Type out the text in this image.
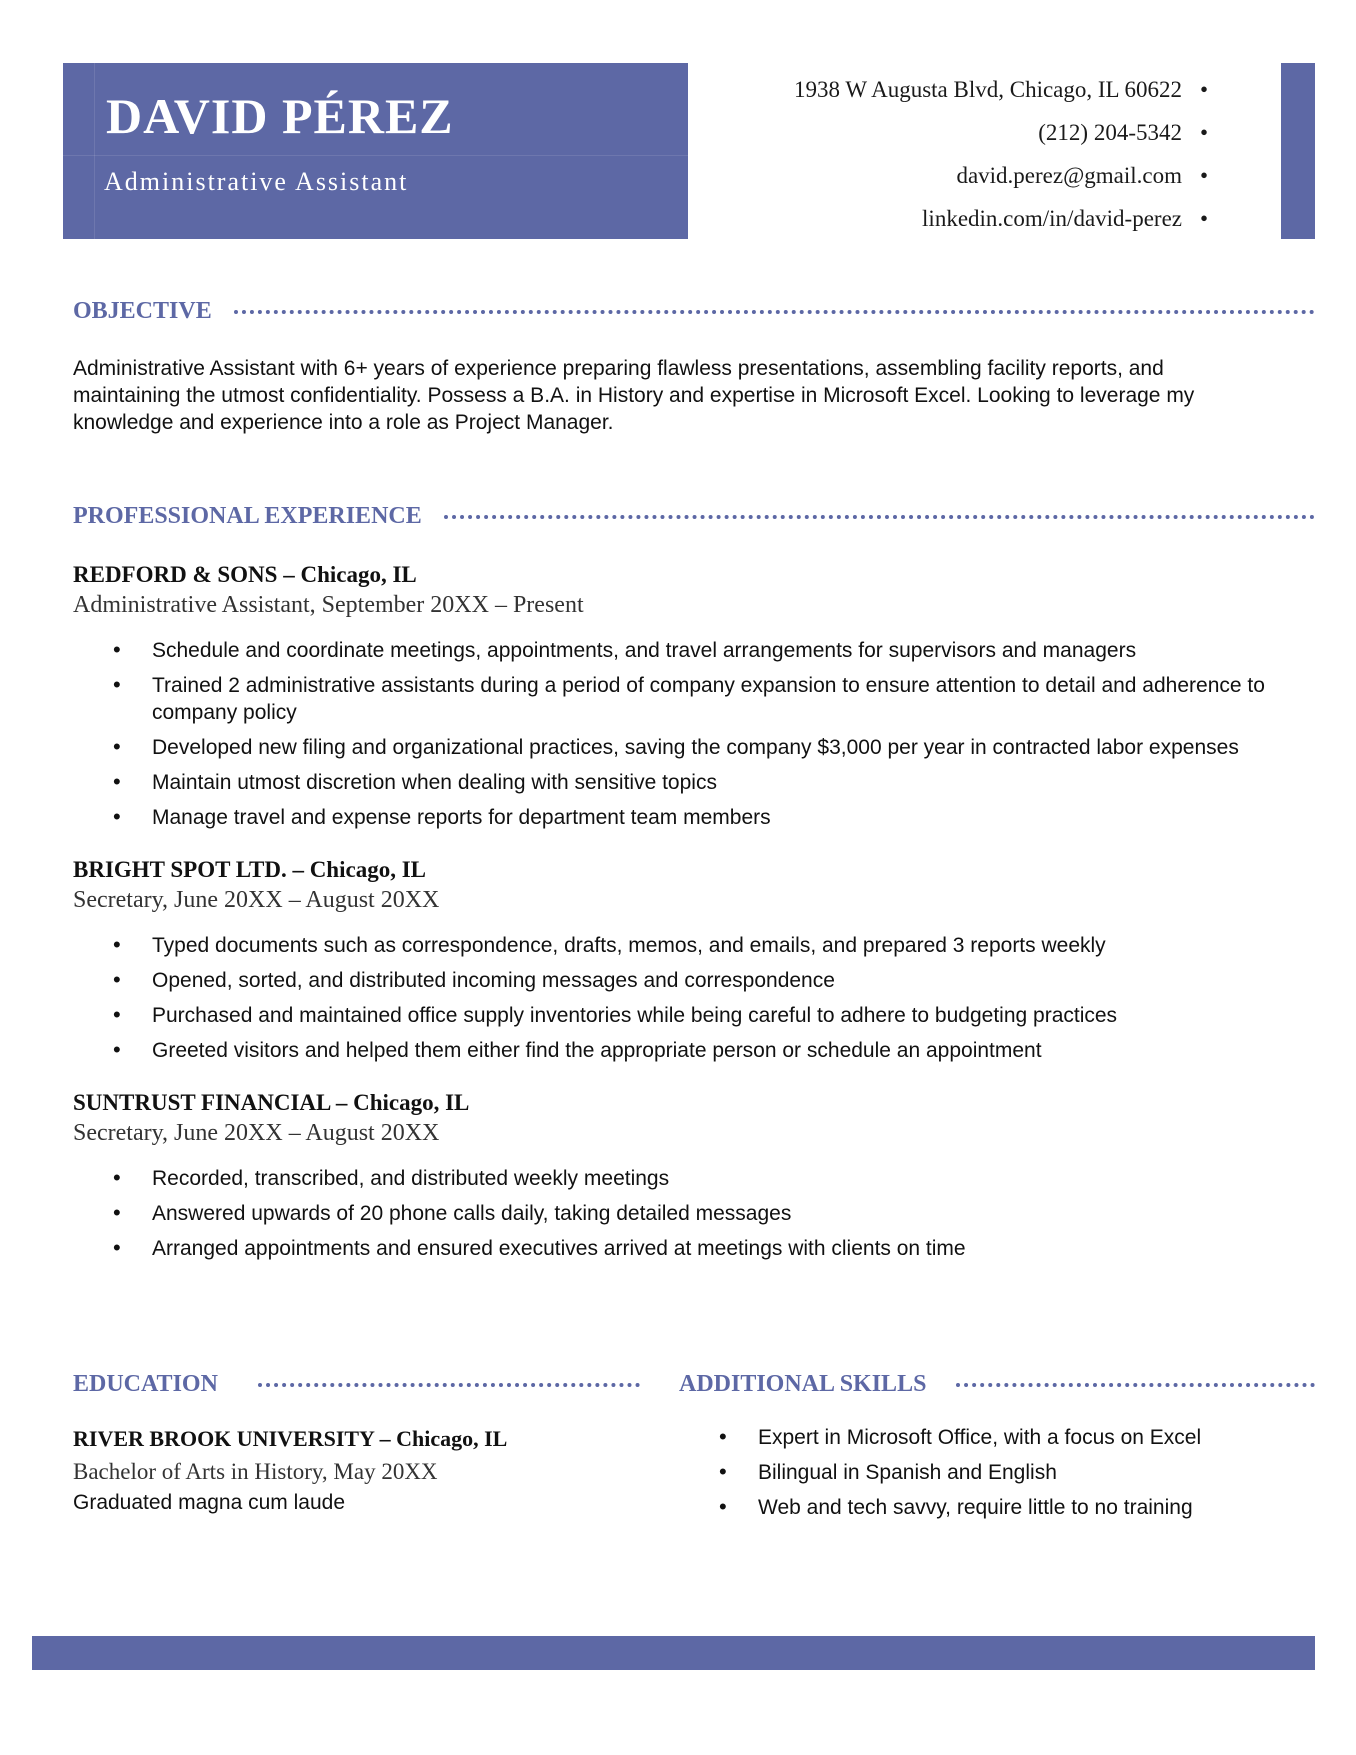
DAVID PÉREZ

Administrative Assistant

1938 W Augusta Blvd, Chicago, IL 60622 •
(212) 204-5342 •
david.perez@gmail.com •
linkedin.com/in/david-perez •
OBJECTIVE

Administrative Assistant with 6+ years of experience preparing flawless presentations, assembling facility reports, and maintaining the utmost confidentiality. Possess a B.A. in History and expertise in Microsoft Excel. Looking to leverage my knowledge and experience into a role as Project Manager.

PROFESSIONAL EXPERIENCE

REDFORD & SONS – Chicago, IL

Administrative Assistant, September 20XX – Present

• Schedule and coordinate meetings, appointments, and travel arrangements for supervisors and managers
• Trained 2 administrative assistants during a period of company expansion to ensure attention to detail and adherence to company policy
• Developed new filing and organizational practices, saving the company $3,000 per year in contracted labor expenses
• Maintain utmost discretion when dealing with sensitive topics
• Manage travel and expense reports for department team members

BRIGHT SPOT LTD. – Chicago, IL

Secretary, June 20XX – August 20XX

• Typed documents such as correspondence, drafts, memos, and emails, and prepared 3 reports weekly
• Opened, sorted, and distributed incoming messages and correspondence
• Purchased and maintained office supply inventories while being careful to adhere to budgeting practices
• Greeted visitors and helped them either find the appropriate person or schedule an appointment

SUNTRUST FINANCIAL – Chicago, IL

Secretary, June 20XX – August 20XX

• Recorded, transcribed, and distributed weekly meetings
• Answered upwards of 20 phone calls daily, taking detailed messages
• Arranged appointments and ensured executives arrived at meetings with clients on time
EDUCATION

RIVER BROOK UNIVERSITY – Chicago, IL

Bachelor of Arts in History, May 20XX

Graduated magna cum laude

ADDITIONAL SKILLS
• Expert in Microsoft Office, with a focus on Excel
• Bilingual in Spanish and English
• Web and tech savvy, require little to no training
